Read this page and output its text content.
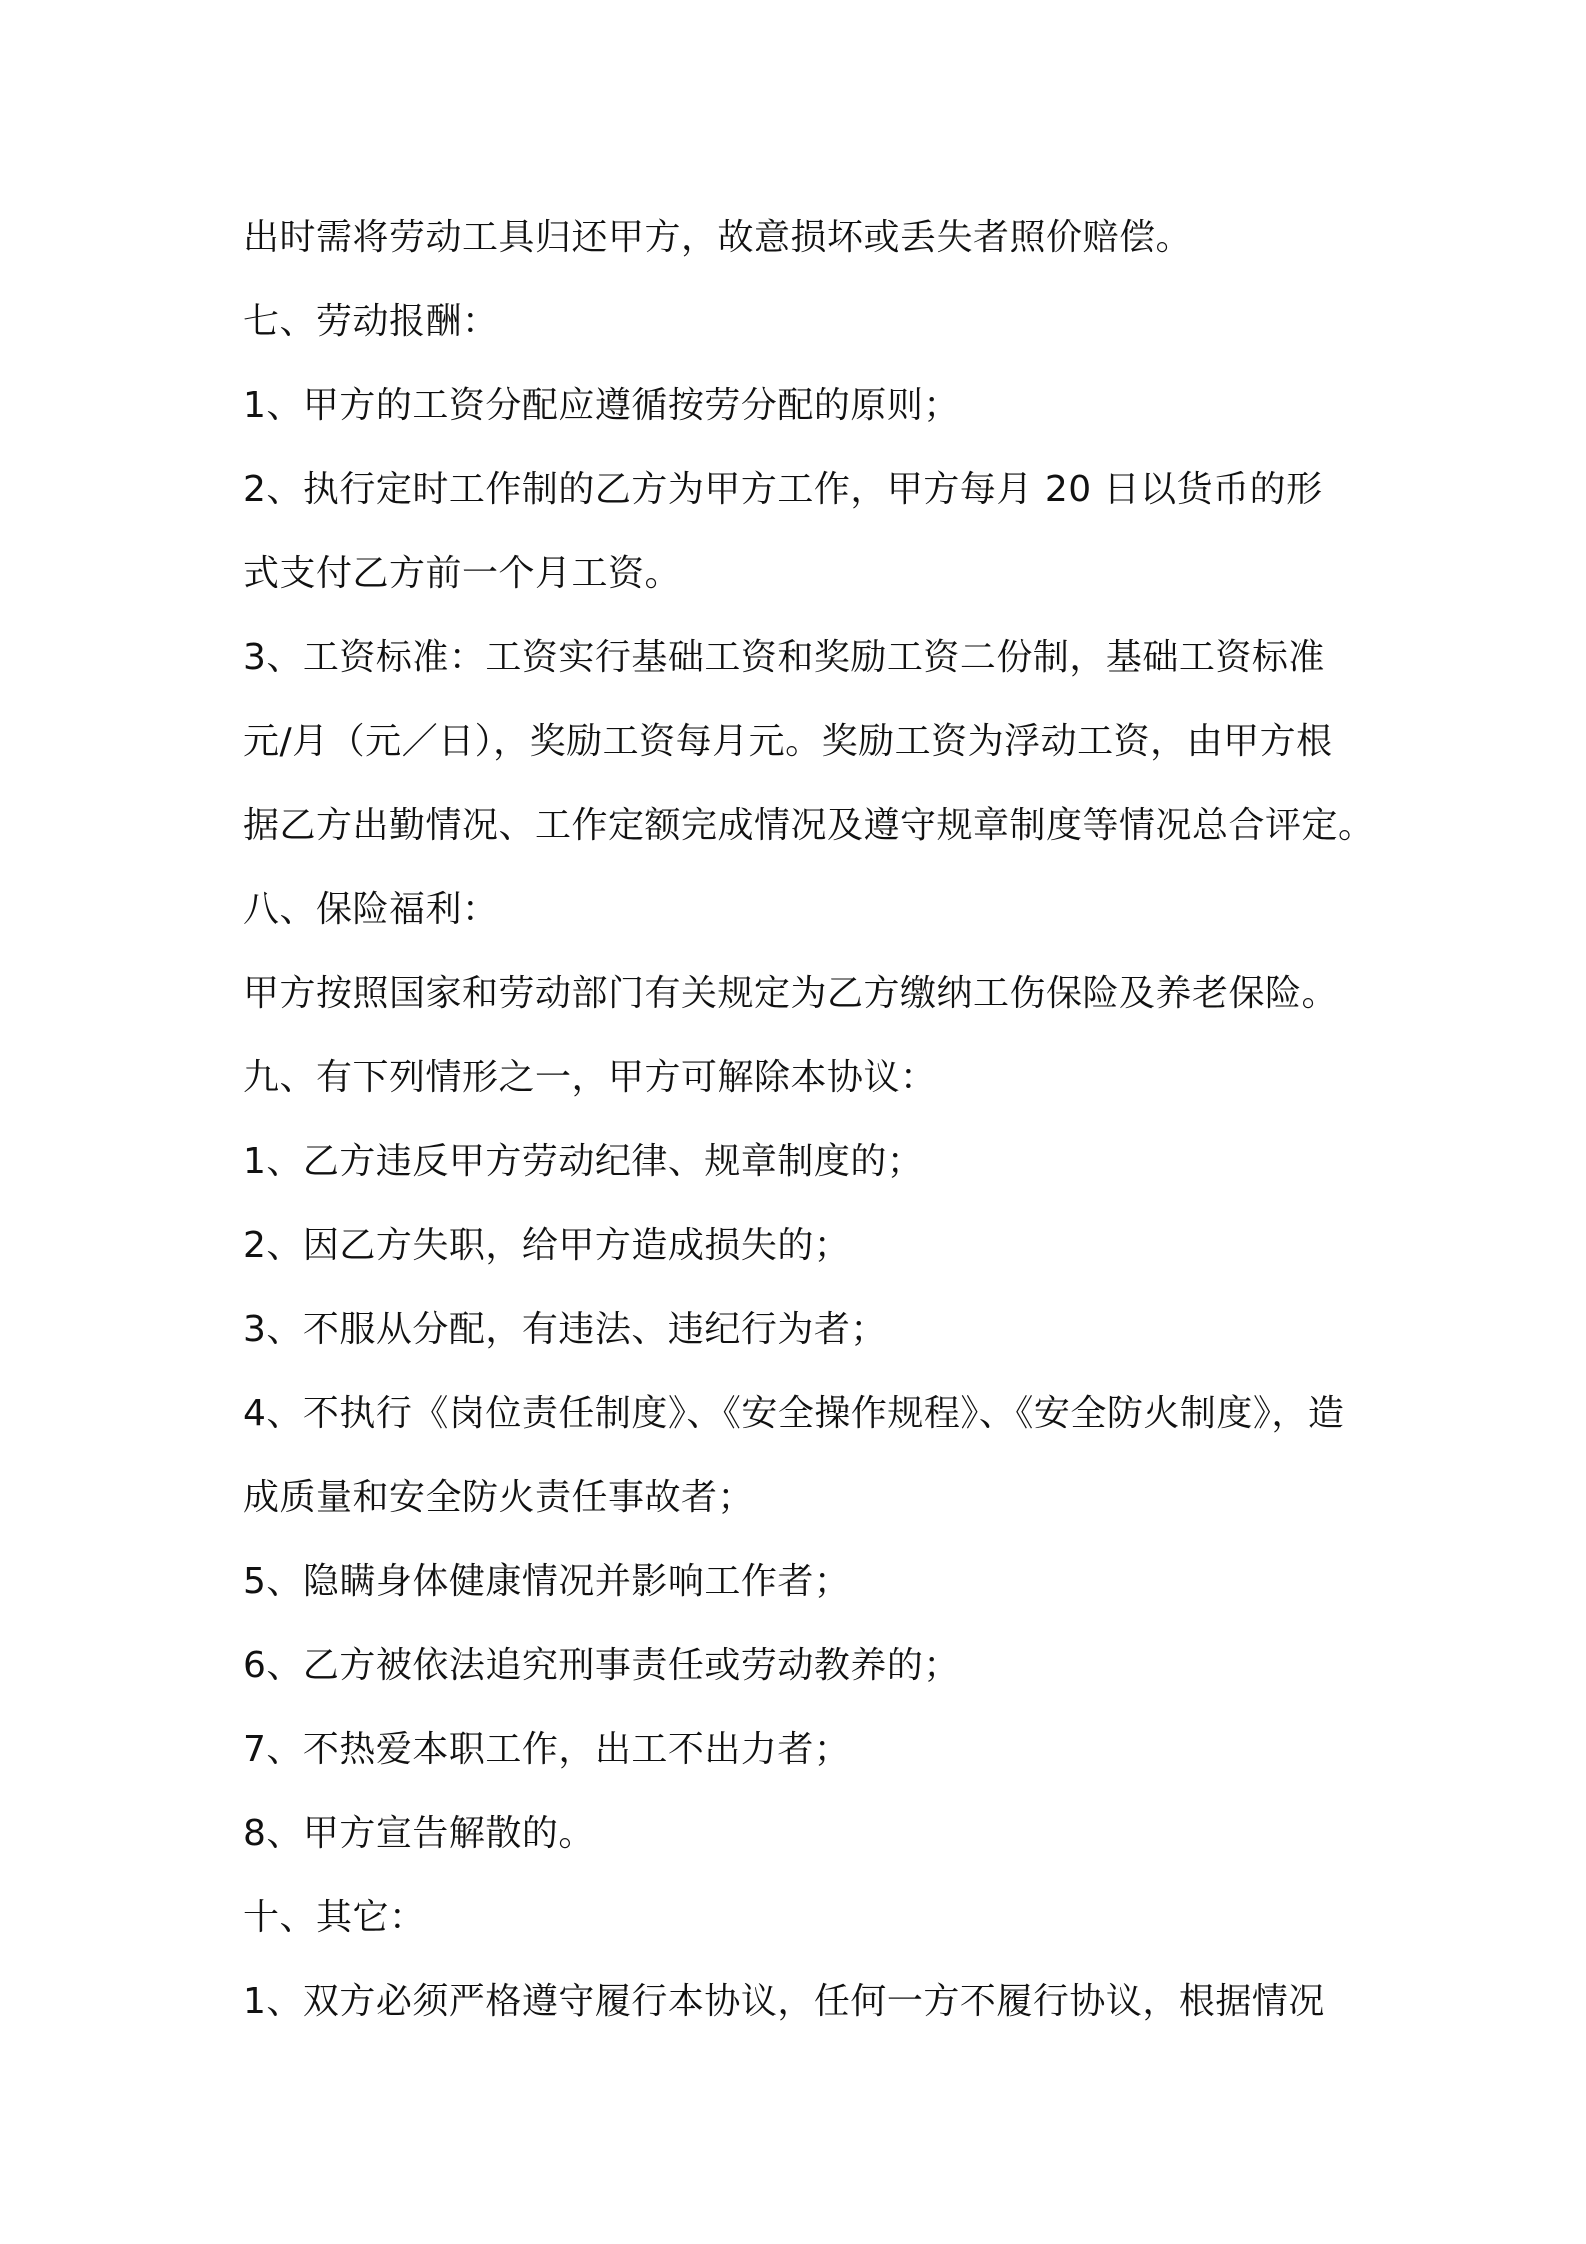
出时需将劳动工具归还甲方，故意损坏或丢失者照价赔偿。
七、劳动报酬：
1、甲方的工资分配应遵循按劳分配的原则；
2、执行定时工作制的乙方为甲方工作，甲方每月 20 日以货币的形
式支付乙方前一个月工资。
3、工资标准：工资实行基础工资和奖励工资二份制，基础工资标准
元/月（元／日），奖励工资每月元。奖励工资为浮动工资，由甲方根
据乙方出勤情况、工作定额完成情况及遵守规章制度等情况总合评定。
八、保险福利：
甲方按照国家和劳动部门有关规定为乙方缴纳工伤保险及养老保险。
九、有下列情形之一，甲方可解除本协议：
1、乙方违反甲方劳动纪律、规章制度的；
2、因乙方失职，给甲方造成损失的；
3、不服从分配，有违法、违纪行为者；
4、不执行《岗位责任制度》、《安全操作规程》、《安全防火制度》，造
成质量和安全防火责任事故者；
5、隐瞒身体健康情况并影响工作者；
6、乙方被依法追究刑事责任或劳动教养的；
7、不热爱本职工作，出工不出力者；
8、甲方宣告解散的。
十、其它：
1、双方必须严格遵守履行本协议，任何一方不履行协议，根据情况
